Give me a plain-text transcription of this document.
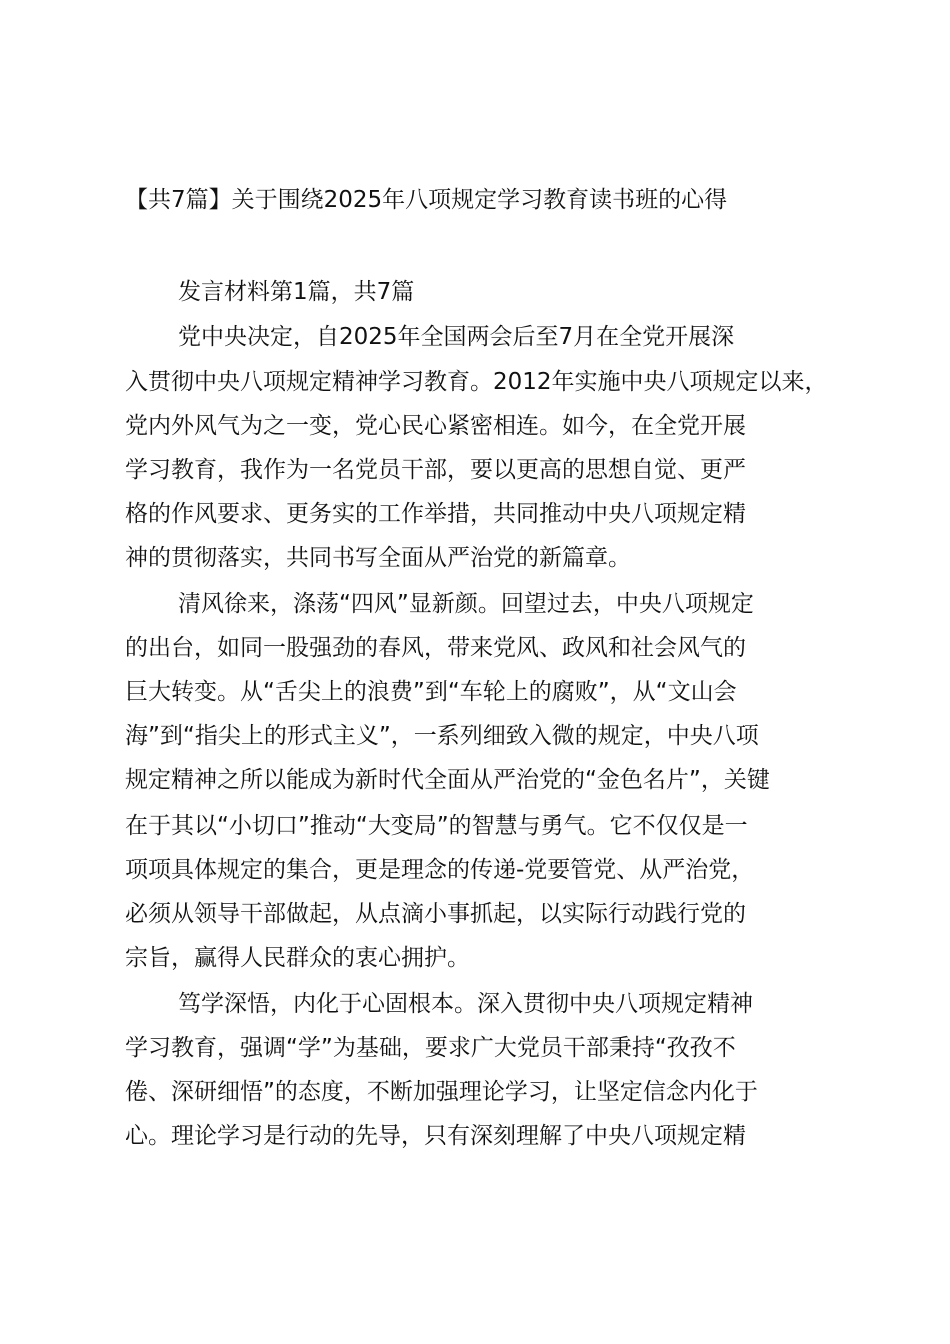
【共7篇】关于围绕2025年八项规定学习教育读书班的心得
发言材料第1篇，共7篇
党中央决定，自2025年全国两会后至7月在全党开展深
入贯彻中央八项规定精神学习教育。2012年实施中央八项规定以来，
党内外风气为之一变，党心民心紧密相连。如今，在全党开展
学习教育，我作为一名党员干部，要以更高的思想自觉、更严
格的作风要求、更务实的工作举措，共同推动中央八项规定精
神的贯彻落实，共同书写全面从严治党的新篇章。
清风徐来，涤荡“四风”显新颜。回望过去，中央八项规定
的出台，如同一股强劲的春风，带来党风、政风和社会风气的
巨大转变。从“舌尖上的浪费”到“车轮上的腐败”，从“文山会
海”到“指尖上的形式主义”，一系列细致入微的规定，中央八项
规定精神之所以能成为新时代全面从严治党的“金色名片”，关键
在于其以“小切口”推动“大变局”的智慧与勇气。它不仅仅是一
项项具体规定的集合，更是理念的传递-党要管党、从严治党，
必须从领导干部做起，从点滴小事抓起，以实际行动践行党的
宗旨，赢得人民群众的衷心拥护。
笃学深悟，内化于心固根本。深入贯彻中央八项规定精神
学习教育，强调“学”为基础，要求广大党员干部秉持“孜孜不
倦、深研细悟”的态度，不断加强理论学习，让坚定信念内化于
心。理论学习是行动的先导，只有深刻理解了中央八项规定精
